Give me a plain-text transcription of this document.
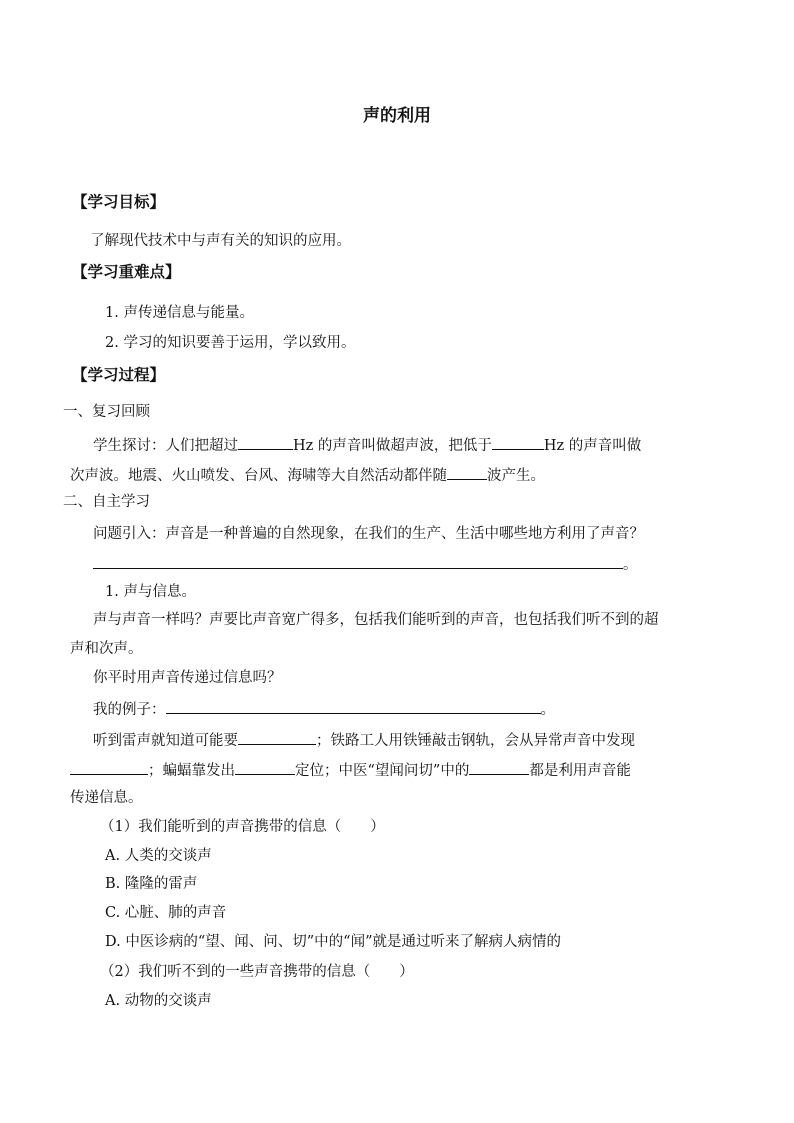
声的利用
【学习目标】
了解现代技术中与声有关的知识的应用。
【学习重难点】
1. 声传递信息与能量。
2. 学习的知识要善于运用，学以致用。
【学习过程】
一、复习回顾
学生探讨：人们把超过	Hz 的声音叫做超声波，把低于	Hz 的声音叫做
次声波。地震、火山喷发、台风、海啸等大自然活动都伴随	波产生。
二、自主学习
问题引入：声音是一种普遍的自然现象，在我们的生产、生活中哪些地方利用了声音？
。
1. 声与信息。
声与声音一样吗？声要比声音宽广得多，包括我们能听到的声音，也包括我们听不到的超
声和次声。
你平时用声音传递过信息吗？
我的例子：	。
听到雷声就知道可能要	；铁路工人用铁锤敲击钢轨，会从异常声音中发现
；蝙蝠靠发出	定位；中医“望闻问切”中的	都是利用声音能
传递信息。
（1）我们能听到的声音携带的信息（　　）
A. 人类的交谈声
B. 隆隆的雷声
C. 心脏、肺的声音
D. 中医诊病的“望、闻、问、切”中的“闻”就是通过听来了解病人病情的
（2）我们听不到的一些声音携带的信息（　　）
A. 动物的交谈声
